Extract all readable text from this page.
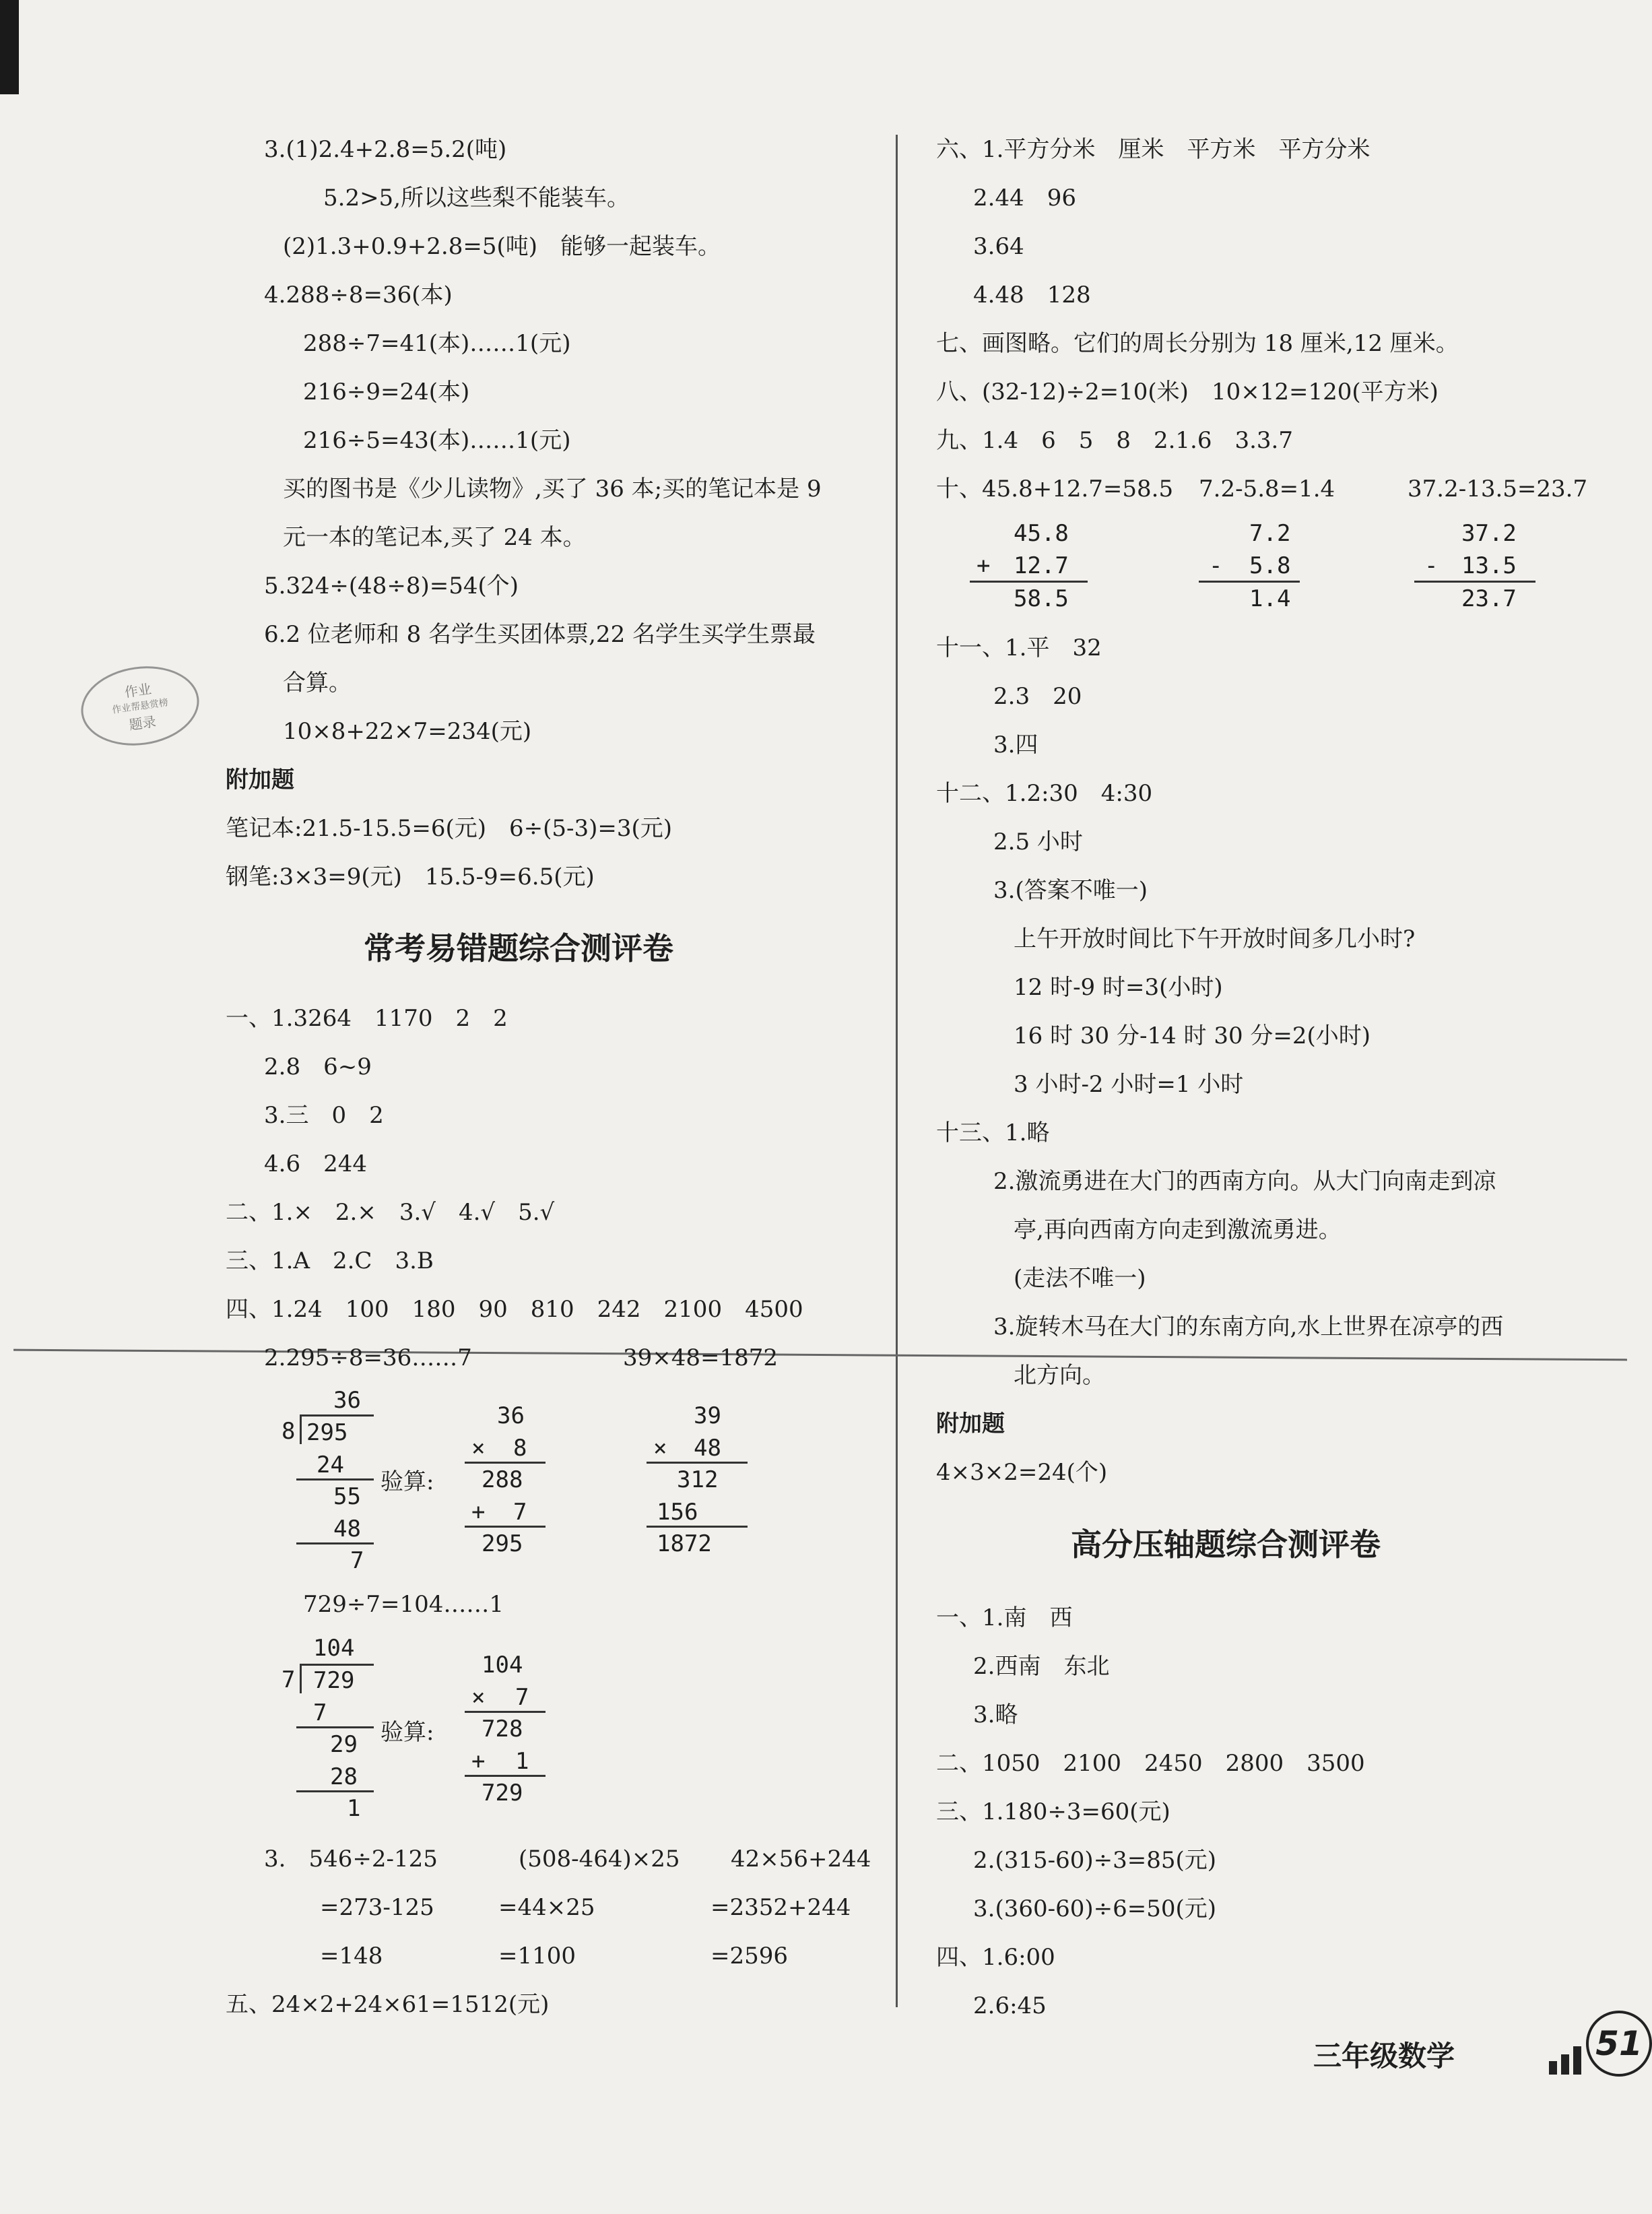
作业
作业帮悬赏榜
题录
3.(1)2.4+2.8=5.2(吨)
5.2>5,所以这些梨不能装车。
(2)1.3+0.9+2.8=5(吨)　能够一起装车。
4.288÷8=36(本)
288÷7=41(本)……1(元)
216÷9=24(本)
216÷5=43(本)……1(元)
买的图书是《少儿读物》,买了 36 本;买的笔记本是 9
元一本的笔记本,买了 24 本。
5.324÷(48÷8)=54(个)
6.2 位老师和 8 名学生买团体票,22 名学生买学生票最
合算。
10×8+22×7=234(元)
附加题
笔记本:21.5-15.5=6(元)　6÷(5-3)=3(元)
钢笔:3×3=9(元)　15.5-9=6.5(元)
常考易错题综合测评卷
一、1.3264　1170　2　2
2.8　6~9
3.三　0　2
4.6　244
二、1.×　2.×　3.√　4.√　5.√
三、1.A　2.C　3.B
四、1.24　100　180　90　810　242　2100　4500
2.295÷8=36……7	39×48=1872
36
8 295
24
55
48
7
验算:
36
× 8
288
+ 7
295
39
× 48
312
156
1872
729÷7=104……1
104
7 729
7
29
28
1
验算:
104
× 7
728
+ 1
729
3.　546÷2-125	(508-464)×25 42×56+244
=273-125	=44×25	=2352+244
=148	=1100	=2596
五、24×2+24×61=1512(元)
六、1.平方分米　厘米　平方米　平方分米
2.44　96
3.64
4.48　128
七、画图略。它们的周长分别为 18 厘米,12 厘米。
八、(32-12)÷2=10(米)　10×12=120(平方米)
九、1.4　6　5　8　2.1.6　3.3.7
十、45.8+12.7=58.5 7.2-5.8=1.4	37.2-13.5=23.7
45.8
+ 12.7
58.5
7.2
- 5.8
1.4
37.2
- 13.5
23.7
十一、1.平　32
2.3　20
3.四
十二、1.2:30　4:30
2.5 小时
3.(答案不唯一)
上午开放时间比下午开放时间多几小时?
12 时-9 时=3(小时)
16 时 30 分-14 时 30 分=2(小时)
3 小时-2 小时=1 小时
十三、1.略
2.激流勇进在大门的西南方向。从大门向南走到凉
亭,再向西南方向走到激流勇进。
(走法不唯一)
3.旋转木马在大门的东南方向,水上世界在凉亭的西
北方向。
附加题
4×3×2=24(个)
高分压轴题综合测评卷
一、1.南　西
2.西南　东北
3.略
二、1050　2100　2450　2800　3500
三、1.180÷3=60(元)
2.(315-60)÷3=85(元)
3.(360-60)÷6=50(元)
四、1.6:00
2.6:45
三年级数学	51
